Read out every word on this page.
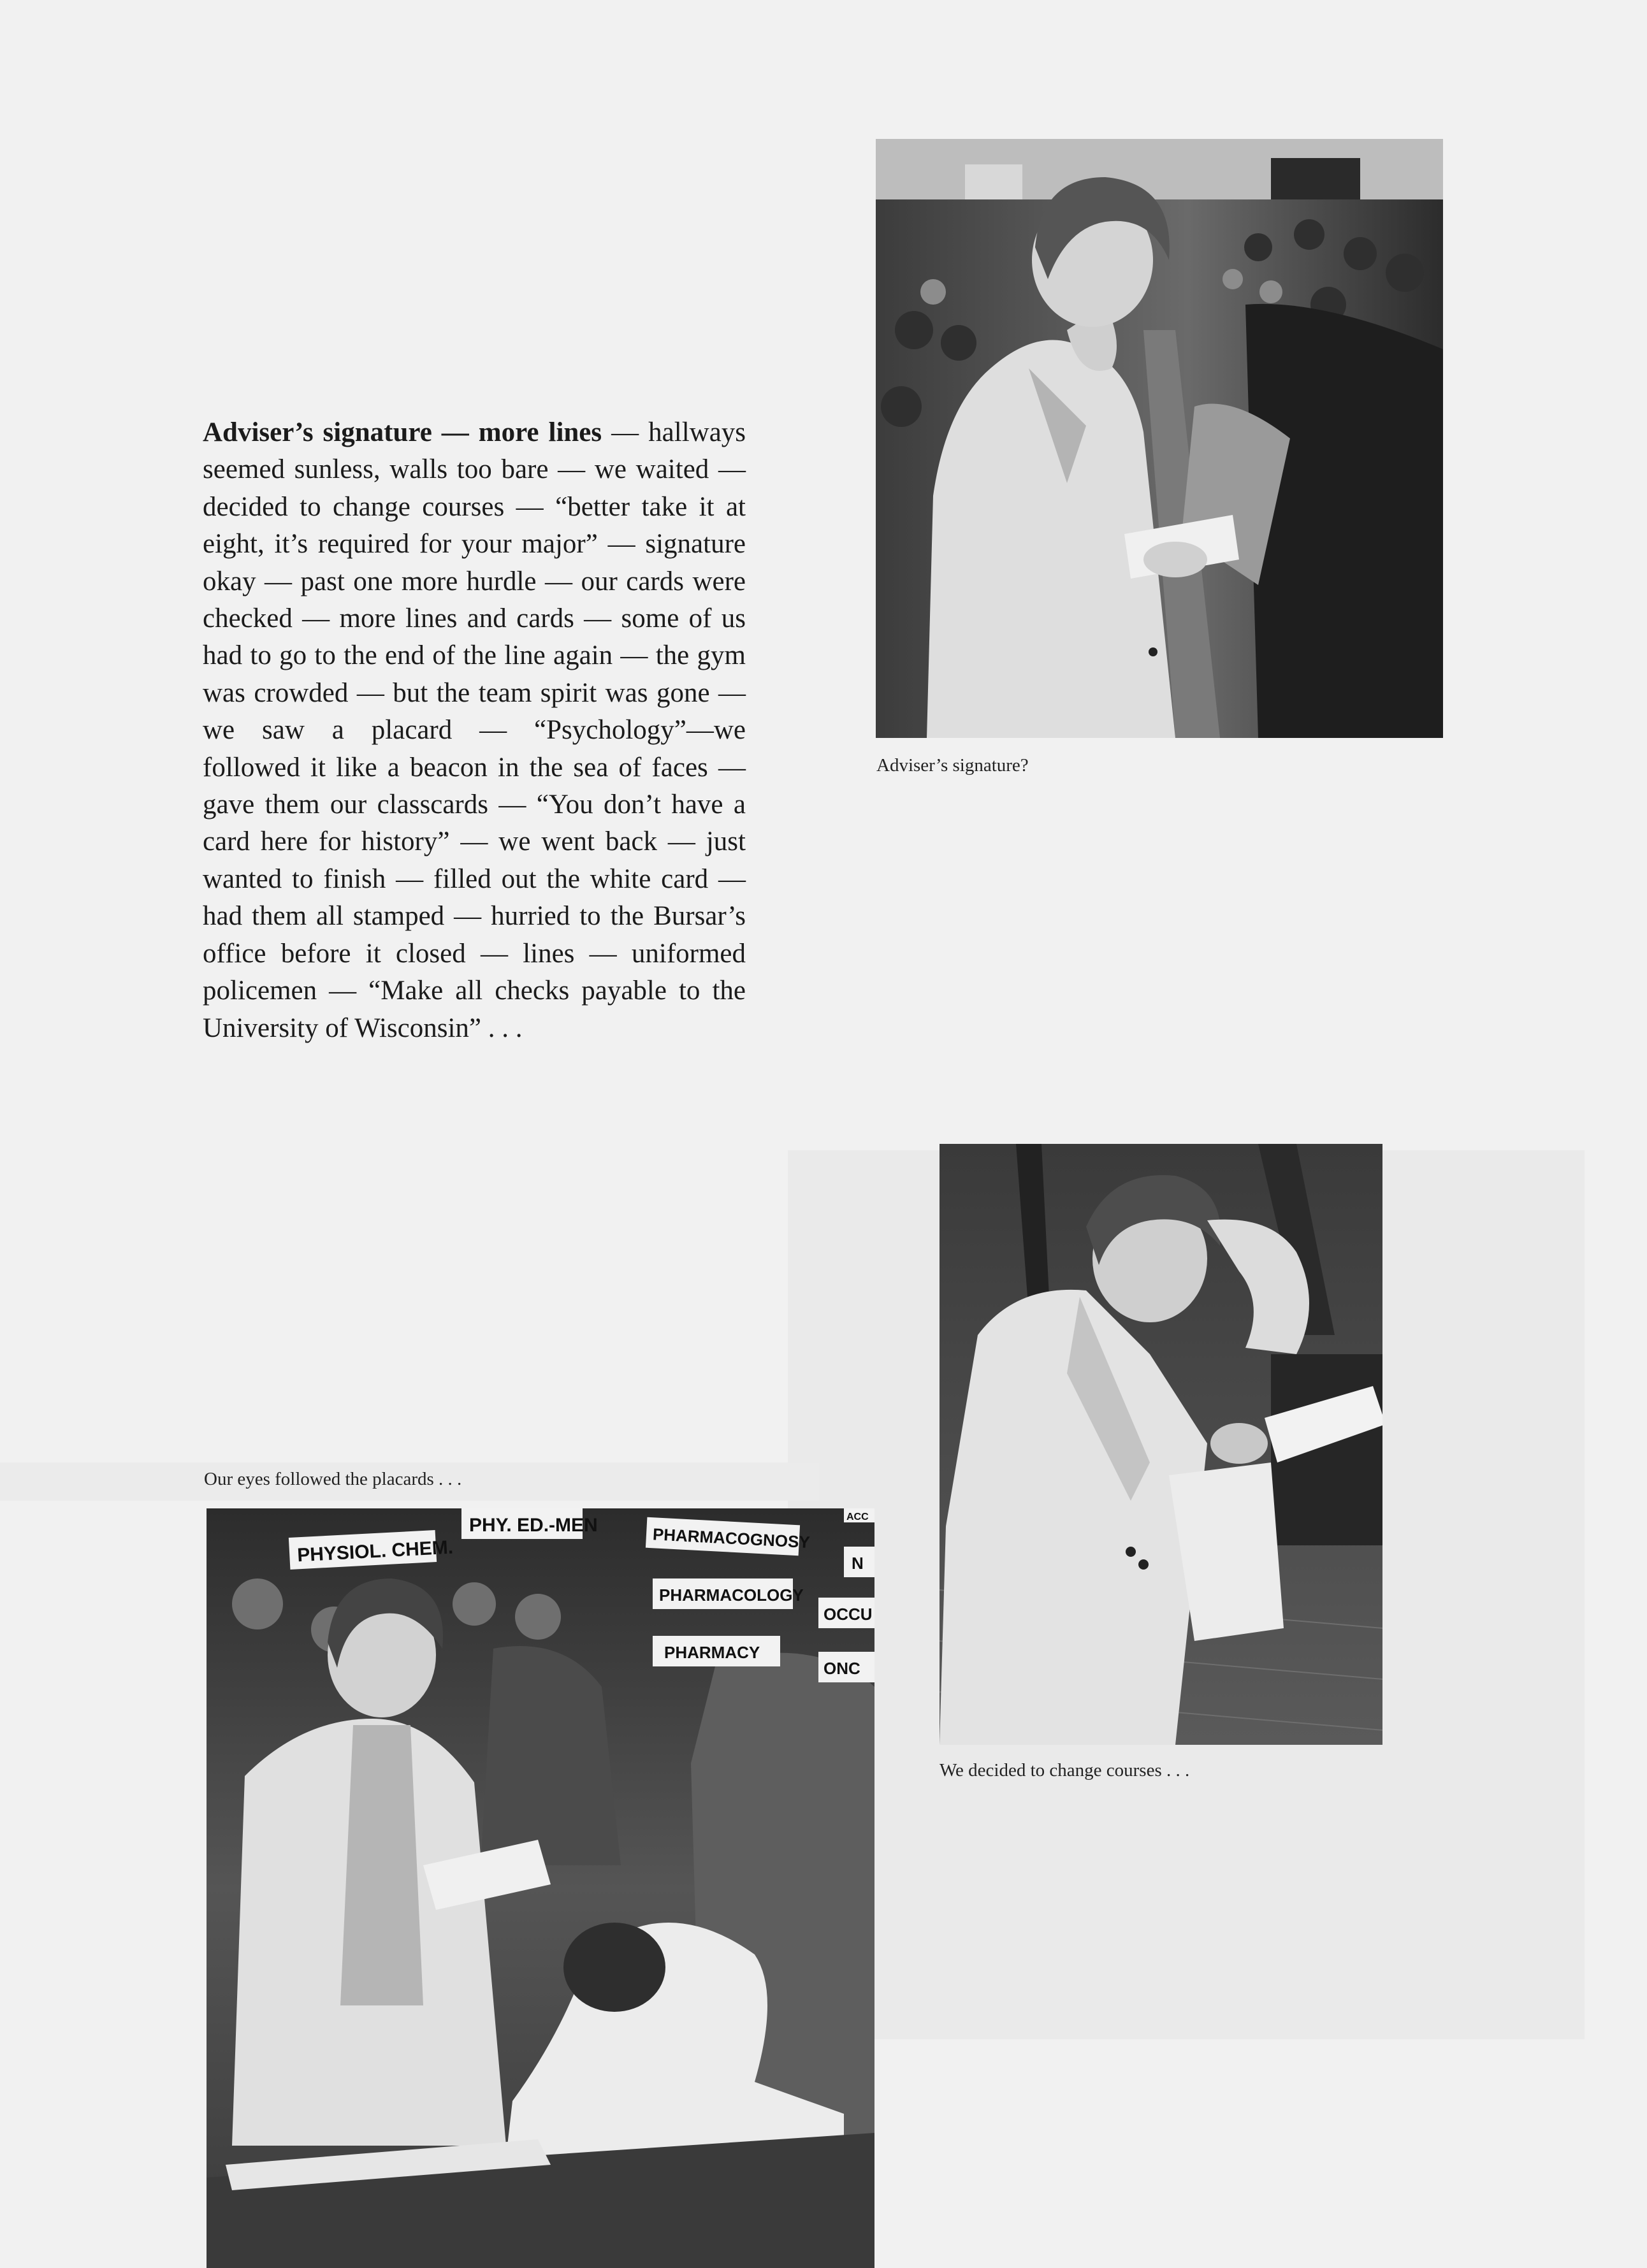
Adviser’s signature — more lines — hallways seemed sunless, walls too bare — we waited — decided to change courses — “better take it at eight, it’s required for your major” — signature okay — past one more hurdle — our cards were checked — more lines and cards — some of us had to go to the end of the line again — the gym was crowded — but the team spirit was gone — we saw a placard — “Psychology”—we followed it like a beacon in the sea of faces — gave them our classcards — “You don’t have a card here for history” — we went back — just wanted to finish — filled out the white card — had them all stamped — hurried to the Bursar’s office before it closed — lines — uniformed policemen — “Make all checks payable to the University of Wisconsin” . . .

Adviser’s signature?

We decided to change courses . . .

Our eyes followed the placards . . .

PHY. ED.-MEN
PHYSIOL. CHEM.	PHARMACOGNOSY
PHARMACOLOGY
PHARMACY
OCCU
ONC
N
ACC
